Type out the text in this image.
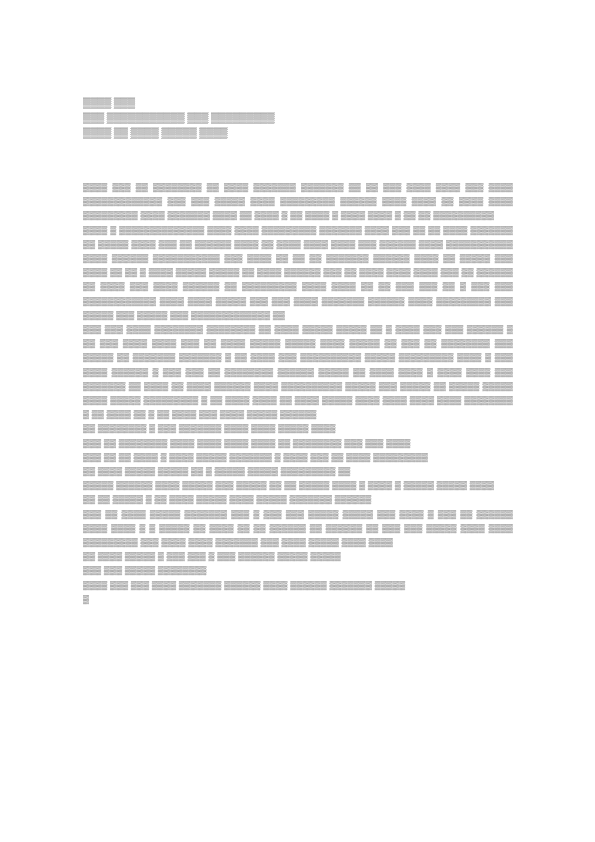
▒▒▒▒ ▒▒▒
▒▒▒ ▒▒▒▒▒▒▒▒▒▒▒ ▒▒▒ ▒▒▒▒▒▒▒▒▒
▒▒▒▒ ▒▒ ▒▒▒▒ ▒▒▒▒▒ ▒▒▒▒

▒▒▒▒ ▒▒▒ ▒▒ ▒▒▒▒▒▒▒▒ ▒▒ ▒▒▒▒ ▒▒▒▒▒▒▒ ▒▒▒▒▒▒▒ ▒▒ ▒▒ ▒▒▒ ▒▒▒▒ ▒▒▒▒ ▒▒▒ ▒▒▒▒ ▒▒▒▒▒▒▒▒▒▒▒▒▒ ▒▒▒ ▒▒▒ ▒▒▒▒▒ ▒▒▒▒ ▒▒▒▒▒▒▒▒▒ ▒▒▒▒▒▒ ▒▒▒▒ ▒▒▒▒ ▒▒ ▒▒▒▒ ▒▒▒▒ ▒▒▒▒▒▒▒▒▒ ▒▒▒▒ ▒▒▒▒▒▒▒ ▒▒▒▒ ▒▒ ▒▒▒▒ ▒ ▒▒ ▒▒▒▒ ▒ ▒▒▒▒ ▒▒▒▒ ▒ ▒▒ ▒▒ ▒▒▒▒▒▒▒▒▒▒

▒▒▒▒ ▒ ▒▒▒▒▒▒▒▒▒▒▒▒▒▒ ▒▒▒▒ ▒▒▒▒ ▒▒▒▒▒▒▒▒▒ ▒▒▒▒▒▒▒ ▒▒▒▒ ▒▒▒ ▒▒ ▒▒ ▒▒▒▒ ▒▒▒▒▒▒▒ ▒▒ ▒▒▒▒▒ ▒▒▒▒ ▒▒▒ ▒▒ ▒▒▒▒▒▒ ▒▒▒▒ ▒▒ ▒▒▒▒ ▒▒▒▒ ▒▒▒▒ ▒▒▒ ▒▒▒▒▒▒ ▒▒▒▒ ▒▒▒▒▒▒▒▒▒▒▒ ▒▒▒▒ ▒▒▒▒▒▒ ▒▒▒▒▒▒▒▒▒▒▒ ▒▒▒ ▒▒▒▒ ▒▒ ▒▒ ▒▒ ▒▒▒▒▒▒▒ ▒▒▒▒▒▒ ▒▒▒▒ ▒▒ ▒▒▒▒▒ ▒▒▒ ▒▒▒▒ ▒▒ ▒▒ ▒ ▒▒▒▒ ▒▒▒▒▒ ▒▒▒▒▒ ▒▒ ▒▒▒▒ ▒▒▒▒▒▒ ▒▒▒ ▒▒ ▒▒▒▒ ▒▒▒▒ ▒▒▒▒ ▒▒▒ ▒▒ ▒▒▒▒▒▒ ▒▒ ▒▒▒▒ ▒▒▒ ▒▒▒▒ ▒▒▒▒▒▒ ▒▒ ▒▒▒▒▒▒▒▒▒ ▒▒▒▒ ▒▒▒▒ ▒▒ ▒▒ ▒▒▒ ▒▒▒ ▒▒ ▒ ▒▒▒ ▒▒▒ ▒▒▒▒▒▒▒▒▒▒▒▒ ▒▒▒▒ ▒▒▒▒ ▒▒▒▒▒ ▒▒▒ ▒▒▒ ▒▒▒▒ ▒▒▒▒▒▒▒ ▒▒▒▒▒▒ ▒▒▒▒ ▒▒▒▒▒▒▒▒▒ ▒▒▒ ▒▒▒▒▒ ▒▒▒ ▒▒▒▒▒ ▒▒▒ ▒▒▒▒▒▒▒▒▒▒▒▒▒ ▒▒

▒▒▒ ▒▒▒ ▒▒▒▒ ▒▒▒▒▒▒▒▒ ▒▒▒▒▒▒▒▒ ▒▒ ▒▒▒▒ ▒▒▒▒▒ ▒▒▒▒▒ ▒▒ ▒ ▒▒▒▒ ▒▒▒ ▒▒▒ ▒▒▒▒▒▒ ▒ ▒▒ ▒▒▒ ▒▒▒▒ ▒▒▒▒ ▒▒▒ ▒▒ ▒▒▒▒ ▒▒▒▒▒ ▒▒▒▒▒ ▒▒▒▒ ▒▒▒▒▒ ▒▒ ▒▒▒ ▒▒ ▒▒▒▒▒▒▒▒ ▒▒▒ ▒▒▒▒▒ ▒▒ ▒▒▒▒▒▒▒ ▒▒▒▒▒▒▒ ▒ ▒▒ ▒▒▒▒ ▒▒▒ ▒▒▒▒▒▒▒▒▒▒ ▒▒▒▒▒ ▒▒▒▒▒▒▒▒▒ ▒▒▒▒ ▒ ▒▒▒ ▒▒▒▒ ▒▒▒▒▒▒ ▒ ▒▒▒ ▒▒▒ ▒▒ ▒▒▒▒▒▒▒▒ ▒▒▒▒▒▒ ▒▒▒▒▒ ▒▒ ▒▒▒▒ ▒▒▒▒ ▒ ▒▒▒▒ ▒▒▒▒ ▒▒▒ ▒▒▒▒▒▒▒ ▒▒ ▒▒▒▒ ▒▒ ▒▒▒▒ ▒▒▒▒▒▒ ▒▒▒▒ ▒▒▒▒▒▒▒▒▒▒ ▒▒▒▒▒ ▒▒▒ ▒▒▒▒▒ ▒▒ ▒▒▒▒▒ ▒▒▒▒▒ ▒▒▒▒ ▒▒▒▒▒ ▒▒▒▒▒▒▒▒▒ ▒ ▒▒ ▒▒▒▒ ▒▒▒▒ ▒▒ ▒▒▒▒ ▒▒▒▒▒ ▒▒▒▒ ▒▒▒▒ ▒▒▒▒ ▒▒▒▒ ▒▒▒▒▒▒▒▒ ▒ ▒▒ ▒▒▒▒ ▒▒ ▒ ▒▒ ▒▒▒▒ ▒▒▒ ▒▒▒▒ ▒▒▒▒▒ ▒▒▒▒▒▒

▒▒ ▒▒▒▒▒▒▒▒ ▒ ▒▒▒ ▒▒▒▒▒▒▒ ▒▒▒▒ ▒▒▒▒ ▒▒▒▒▒ ▒▒▒▒

▒▒▒ ▒▒ ▒▒▒▒▒▒▒▒ ▒▒▒▒ ▒▒▒▒ ▒▒▒▒ ▒▒▒▒ ▒▒ ▒▒▒▒▒▒▒▒ ▒▒▒ ▒▒▒ ▒▒▒▒

▒▒▒ ▒▒ ▒▒ ▒▒▒▒ ▒ ▒▒▒▒ ▒▒▒▒▒ ▒▒▒▒▒▒▒ ▒ ▒▒▒▒ ▒▒▒ ▒▒ ▒▒▒▒ ▒▒▒▒▒▒▒▒▒

▒▒ ▒▒▒▒ ▒▒▒▒▒ ▒▒▒▒▒ ▒▒ ▒ ▒▒▒▒▒ ▒▒▒▒▒ ▒▒▒▒▒▒▒▒▒ ▒▒

▒▒▒▒▒ ▒▒▒▒▒▒ ▒▒▒▒ ▒▒▒▒▒ ▒▒▒ ▒▒▒▒▒ ▒▒ ▒▒ ▒▒▒▒▒ ▒▒▒▒ ▒ ▒▒▒▒ ▒ ▒▒▒▒▒ ▒▒▒▒▒ ▒▒▒▒

▒▒ ▒▒ ▒▒▒▒▒ ▒ ▒▒ ▒▒▒▒ ▒▒▒▒▒ ▒▒▒▒ ▒▒▒▒▒ ▒▒▒▒▒▒▒ ▒▒▒▒▒▒

▒▒▒ ▒▒ ▒▒▒▒ ▒▒▒▒▒ ▒▒▒▒▒▒▒ ▒▒▒ ▒ ▒▒▒ ▒▒▒ ▒▒▒▒▒ ▒▒▒▒▒ ▒▒▒ ▒▒▒▒ ▒ ▒▒▒ ▒▒ ▒▒▒▒▒▒ ▒▒▒▒ ▒▒▒▒ ▒ ▒ ▒▒▒▒▒ ▒▒ ▒▒▒▒ ▒▒ ▒▒ ▒▒▒▒▒▒ ▒▒ ▒▒▒▒▒▒ ▒▒ ▒▒▒ ▒▒▒ ▒▒▒▒▒ ▒▒▒▒ ▒▒▒▒ ▒▒▒▒▒▒▒▒▒ ▒▒▒ ▒▒▒▒ ▒▒▒▒ ▒▒▒▒▒▒▒ ▒▒▒ ▒▒▒▒ ▒▒▒▒▒ ▒▒▒▒ ▒▒▒▒

▒▒ ▒▒▒▒ ▒▒▒▒▒ ▒ ▒▒▒ ▒▒▒ ▒ ▒▒▒ ▒▒▒▒▒▒ ▒▒▒▒▒ ▒▒▒▒▒

▒▒▒ ▒▒▒ ▒▒▒▒▒ ▒▒▒▒▒▒▒▒

▒▒▒▒ ▒▒▒ ▒▒▒ ▒▒▒▒ ▒▒▒▒▒▒▒ ▒▒▒▒▒▒ ▒▒▒▒ ▒▒▒▒▒▒ ▒▒▒▒▒▒▒ ▒▒▒▒▒

▒
